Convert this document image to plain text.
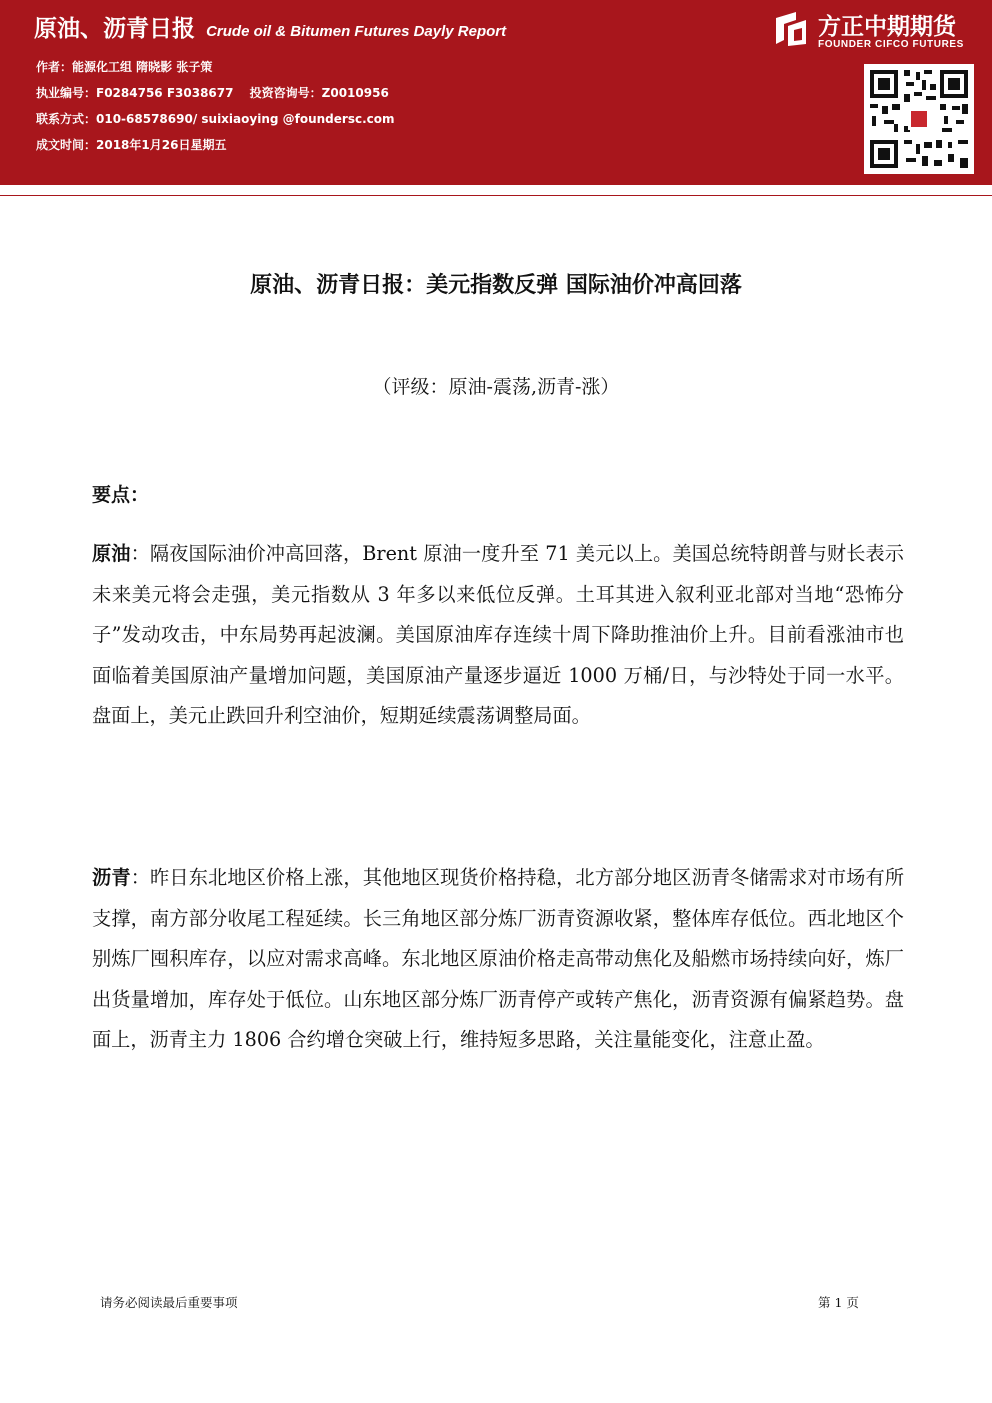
原油、沥青日报 Crude oil & Bitumen Futures Dayly Report
作者：能源化工组 隋晓影 张子策
执业编号：F0284756 F3038677 投资咨询号：Z0010956
联系方式：010-68578690/ suixiaoying @foundersc.com
成文时间：2018年1月26日星期五
方正中期期货
FOUNDER CIFCO FUTURES
原油、沥青日报：美元指数反弹 国际油价冲高回落
（评级：原油-震荡,沥青-涨）
要点：
原油：隔夜国际油价冲高回落，Brent 原油一度升至 71 美元以上。美国总统特朗普与财长表示未来美元将会走强，美元指数从 3 年多以来低位反弹。土耳其进入叙利亚北部对当地“恐怖分子”发动攻击，中东局势再起波澜。美国原油库存连续十周下降助推油价上升。目前看涨油市也面临着美国原油产量增加问题，美国原油产量逐步逼近 1000 万桶/日，与沙特处于同一水平。盘面上，美元止跌回升利空油价，短期延续震荡调整局面。
沥青：昨日东北地区价格上涨，其他地区现货价格持稳，北方部分地区沥青冬储需求对市场有所支撑，南方部分收尾工程延续。长三角地区部分炼厂沥青资源收紧，整体库存低位。西北地区个别炼厂囤积库存，以应对需求高峰。东北地区原油价格走高带动焦化及船燃市场持续向好，炼厂出货量增加，库存处于低位。山东地区部分炼厂沥青停产或转产焦化，沥青资源有偏紧趋势。盘面上，沥青主力 1806 合约增仓突破上行，维持短多思路，关注量能变化，注意止盈。
请务必阅读最后重要事项	第 1 页
